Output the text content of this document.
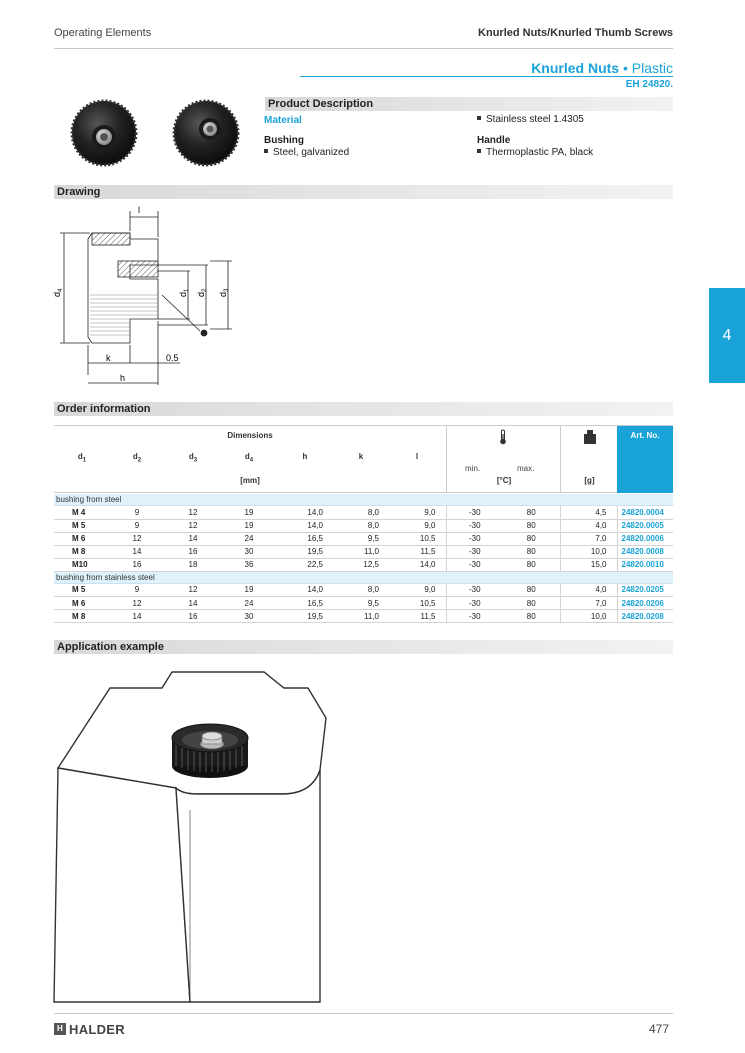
Operating Elements	Knurled Nuts/Knurled Thumb Screws
Knurled Nuts • Plastic
EH 24820.
Product Description
Material	Stainless steel 1.4305
Bushing
Steel, galvanized
Handle
Thermoplastic PA, black
Drawing
l
$d_4$
$d_1$
$d_2$
$d_3$
k	0.5
h
4
Order information
Dimensions
$d_1$	$d_2$	$d_3$	$d_4$	h	k	l
[mm]
min.	max.
[°C]	[g]
Art. No.
bushing from steel
M 4	9	12	19	14,0	8,0	9,0	-30	80	4,5	24820.0004
M 5	9	12	19	14,0	8,0	9,0	-30	80	4,0	24820.0005
M 6	12	14	24	16,5	9,5	10,5	-30	80	7,0	24820.0006
M 8	14	16	30	19,5	11,0	11,5	-30	80	10,0	24820.0008
M10	16	18	36	22,5	12,5	14,0	-30	80	15,0	24820.0010
bushing from stainless steel
M 5	9	12	19	14,0	8,0	9,0	-30	80	4,0	24820.0205
M 6	12	14	24	16,5	9,5	10,5	-30	80	7,0	24820.0206
M 8	14	16	30	19,5	11,0	11,5	-30	80	10,0	24820.0208
Application example
H HALDER	477
